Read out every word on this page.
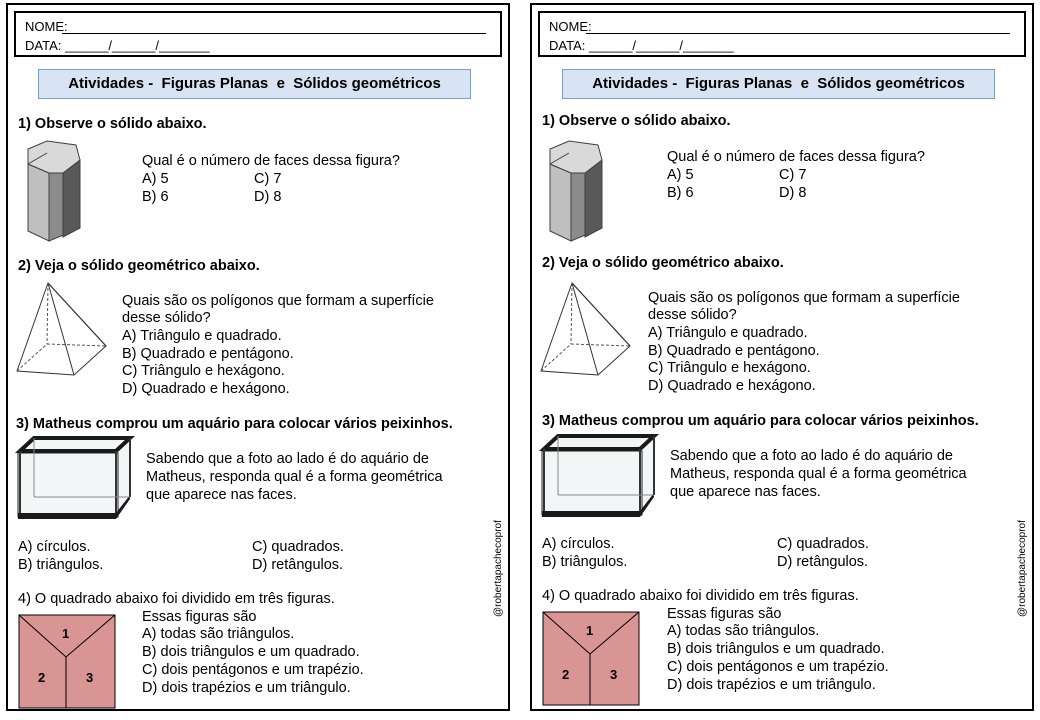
NOME:
DATA: ______/______/_______
Atividades -  Figuras Planas  e  Sólidos geométricos
1) Observe o sólido abaixo.
Qual é o número de faces dessa figura?
A) 5	C) 7
B) 6	D) 8
2) Veja o sólido geométrico abaixo.
Quais são os polígonos que formam a superfície
desse sólido?
A) Triângulo e quadrado.
B) Quadrado e pentágono.
C) Triângulo e hexágono.
D) Quadrado e hexágono.
3) Matheus comprou um aquário para colocar vários peixinhos.
Sabendo que a foto ao lado é do aquário de
Matheus, responda qual é a forma geométrica
que aparece nas faces.
A) círculos.	C) quadrados.
B) triângulos.	D) retângulos.
4) O quadrado abaixo foi dividido em três figuras.
1
2	3
Essas figuras são
A) todas são triângulos.
B) dois triângulos e um quadrado.
C) dois pentágonos e um trapézio.
D) dois trapézios e um triângulo.
@robertapachecoprof
NOME:
DATA: ______/______/_______
Atividades -  Figuras Planas  e  Sólidos geométricos
1) Observe o sólido abaixo.
Qual é o número de faces dessa figura?
A) 5	C) 7
B) 6	D) 8
2) Veja o sólido geométrico abaixo.
Quais são os polígonos que formam a superfície
desse sólido?
A) Triângulo e quadrado.
B) Quadrado e pentágono.
C) Triângulo e hexágono.
D) Quadrado e hexágono.
3) Matheus comprou um aquário para colocar vários peixinhos.
Sabendo que a foto ao lado é do aquário de
Matheus, responda qual é a forma geométrica
que aparece nas faces.
A) círculos.	C) quadrados.
B) triângulos.	D) retângulos.
4) O quadrado abaixo foi dividido em três figuras.
1
2	3
Essas figuras são
A) todas são triângulos.
B) dois triângulos e um quadrado.
C) dois pentágonos e um trapézio.
D) dois trapézios e um triângulo.
@robertapachecoprof
